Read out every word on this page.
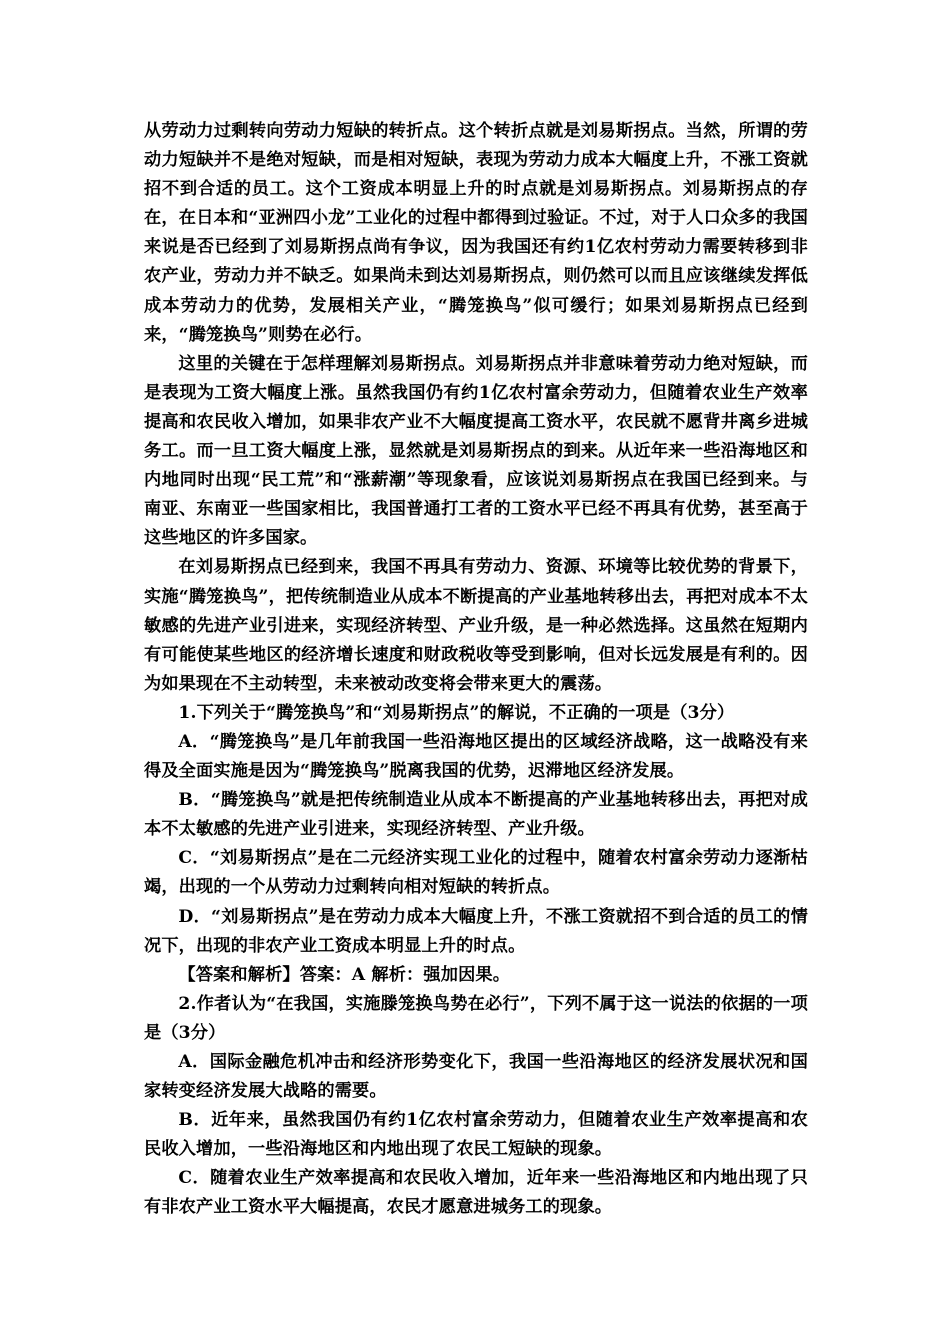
从劳动力过剩转向劳动力短缺的转折点。这个转折点就是刘易斯拐点。当然，所谓的劳动力短缺并不是绝对短缺，而是相对短缺，表现为劳动力成本大幅度上升，不涨工资就招不到合适的员工。这个工资成本明显上升的时点就是刘易斯拐点。刘易斯拐点的存在，在日本和“亚洲四小龙”工业化的过程中都得到过验证。不过，对于人口众多的我国来说是否已经到了刘易斯拐点尚有争议，因为我国还有约1亿农村劳动力需要转移到非农产业，劳动力并不缺乏。如果尚未到达刘易斯拐点，则仍然可以而且应该继续发挥低成本劳动力的优势，发展相关产业，“腾笼换鸟”似可缓行；如果刘易斯拐点已经到来，“腾笼换鸟”则势在必行。

这里的关键在于怎样理解刘易斯拐点。刘易斯拐点并非意味着劳动力绝对短缺，而是表现为工资大幅度上涨。虽然我国仍有约1亿农村富余劳动力，但随着农业生产效率提高和农民收入增加，如果非农产业不大幅度提高工资水平，农民就不愿背井离乡进城务工。而一旦工资大幅度上涨，显然就是刘易斯拐点的到来。从近年来一些沿海地区和内地同时出现“民工荒”和“涨薪潮”等现象看，应该说刘易斯拐点在我国已经到来。与南亚、东南亚一些国家相比，我国普通打工者的工资水平已经不再具有优势，甚至高于这些地区的许多国家。

在刘易斯拐点已经到来，我国不再具有劳动力、资源、环境等比较优势的背景下，实施“腾笼换鸟”，把传统制造业从成本不断提高的产业基地转移出去，再把对成本不太敏感的先进产业引进来，实现经济转型、产业升级，是一种必然选择。这虽然在短期内有可能使某些地区的经济增长速度和财政税收等受到影响，但对长远发展是有利的。因为如果现在不主动转型，未来被动改变将会带来更大的震荡。

1.下列关于“腾笼换鸟”和“刘易斯拐点”的解说，不正确的一项是（3分）

A．“腾笼换鸟”是几年前我国一些沿海地区提出的区域经济战略，这一战略没有来得及全面实施是因为“腾笼换鸟”脱离我国的优势，迟滞地区经济发展。

B．“腾笼换鸟”就是把传统制造业从成本不断提高的产业基地转移出去，再把对成本不太敏感的先进产业引进来，实现经济转型、产业升级。

C．“刘易斯拐点”是在二元经济实现工业化的过程中，随着农村富余劳动力逐渐枯竭，出现的一个从劳动力过剩转向相对短缺的转折点。

D．“刘易斯拐点”是在劳动力成本大幅度上升，不涨工资就招不到合适的员工的情况下，出现的非农产业工资成本明显上升的时点。

【答案和解析】答案：A 解析：强加因果。

2.作者认为“在我国，实施滕笼换鸟势在必行”，下列不属于这一说法的依据的一项是（3分）

A．国际金融危机冲击和经济形势变化下，我国一些沿海地区的经济发展状况和国家转变经济发展大战略的需要。

B．近年来，虽然我国仍有约1亿农村富余劳动力，但随着农业生产效率提高和农民收入增加，一些沿海地区和内地出现了农民工短缺的现象。

C．随着农业生产效率提高和农民收入增加，近年来一些沿海地区和内地出现了只有非农产业工资水平大幅提高，农民才愿意进城务工的现象。
